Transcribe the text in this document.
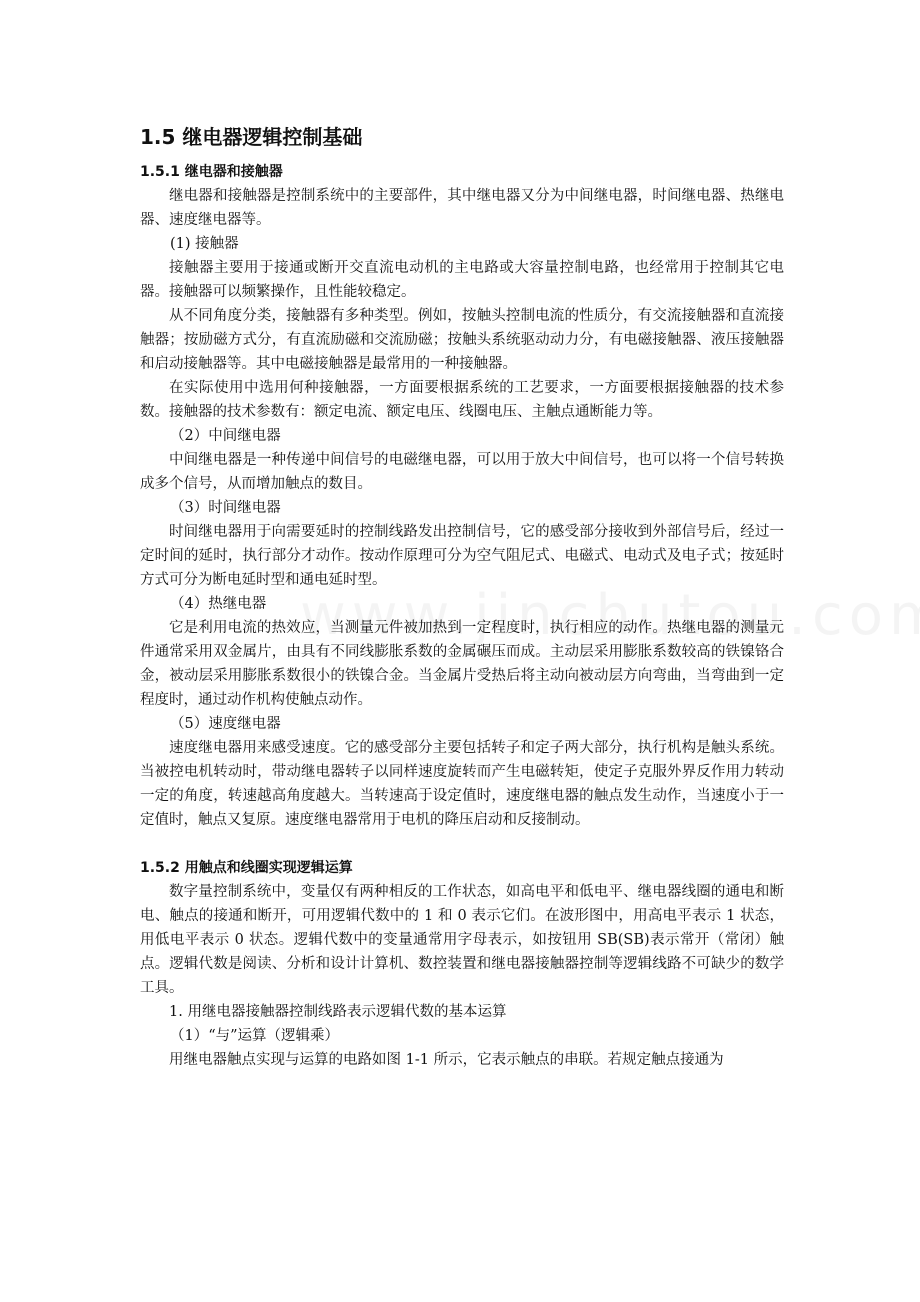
1.5 继电器逻辑控制基础
1.5.1 继电器和接触器

继电器和接触器是控制系统中的主要部件，其中继电器又分为中间继电器，时间继电器、热继电器、速度继电器等。

(1) 接触器

接触器主要用于接通或断开交直流电动机的主电路或大容量控制电路，也经常用于控制其它电器。接触器可以频繁操作，且性能较稳定。

从不同角度分类，接触器有多种类型。例如，按触头控制电流的性质分，有交流接触器和直流接触器；按励磁方式分，有直流励磁和交流励磁；按触头系统驱动动力分，有电磁接触器、液压接触器和启动接触器等。其中电磁接触器是最常用的一种接触器。

在实际使用中选用何种接触器，一方面要根据系统的工艺要求，一方面要根据接触器的技术参数。接触器的技术参数有：额定电流、额定电压、线圈电压、主触点通断能力等。

（2）中间继电器

中间继电器是一种传递中间信号的电磁继电器，可以用于放大中间信号，也可以将一个信号转换成多个信号，从而增加触点的数目。

（3）时间继电器

时间继电器用于向需要延时的控制线路发出控制信号，它的感受部分接收到外部信号后，经过一定时间的延时，执行部分才动作。按动作原理可分为空气阻尼式、电磁式、电动式及电子式；按延时方式可分为断电延时型和通电延时型。

（4）热继电器

它是利用电流的热效应，当测量元件被加热到一定程度时，执行相应的动作。热继电器的测量元件通常采用双金属片，由具有不同线膨胀系数的金属碾压而成。主动层采用膨胀系数较高的铁镍铬合金，被动层采用膨胀系数很小的铁镍合金。当金属片受热后将主动向被动层方向弯曲，当弯曲到一定程度时，通过动作机构使触点动作。

（5）速度继电器

速度继电器用来感受速度。它的感受部分主要包括转子和定子两大部分，执行机构是触头系统。当被控电机转动时，带动继电器转子以同样速度旋转而产生电磁转矩，使定子克服外界反作用力转动一定的角度，转速越高角度越大。当转速高于设定值时，速度继电器的触点发生动作，当速度小于一定值时，触点又复原。速度继电器常用于电机的降压启动和反接制动。

1.5.2 用触点和线圈实现逻辑运算

数字量控制系统中，变量仅有两种相反的工作状态，如高电平和低电平、继电器线圈的通电和断电、触点的接通和断开，可用逻辑代数中的 1 和 0 表示它们。在波形图中，用高电平表示 1 状态，用低电平表示 0 状态。逻辑代数中的变量通常用字母表示，如按钮用 SB(SB)表示常开（常闭）触点。逻辑代数是阅读、分析和设计计算机、数控装置和继电器接触器控制等逻辑线路不可缺少的数学工具。

1. 用继电器接触器控制线路表示逻辑代数的基本运算

（1）“与”运算（逻辑乘）

用继电器触点实现与运算的电路如图 1-1 所示，它表示触点的串联。若规定触点接通为
